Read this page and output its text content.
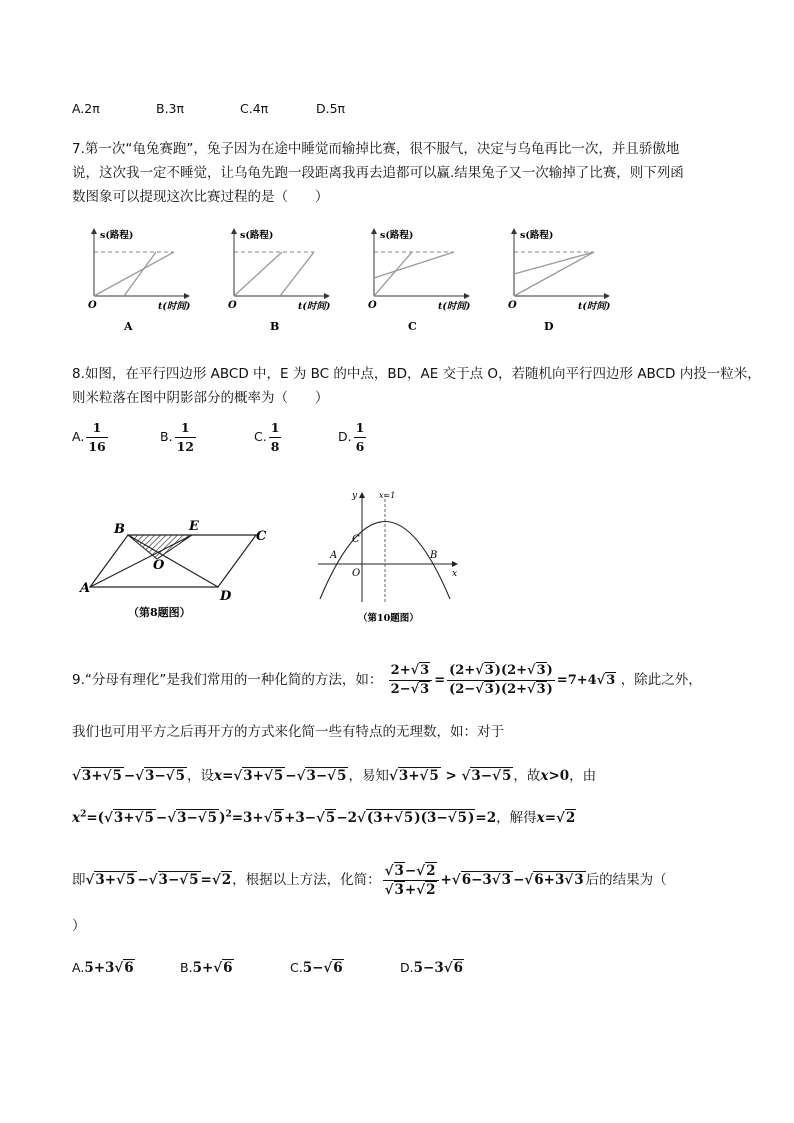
A.2π	B.3π	C.4π	D.5π
7.第一次“龟兔赛跑”，兔子因为在途中睡觉而输掉比赛，很不服气，决定与乌龟再比一次，并且骄傲地
说，这次我一定不睡觉，让乌龟先跑一段距离我再去追都可以赢.结果兔子又一次输掉了比赛，则下列函
数图象可以提现这次比赛过程的是（　　）
s(路程)
t(时间)
O
A
s(路程)
t(时间)
O
B
s(路程)
t(时间)
O
C
s(路程)
t(时间)
O
D
8.如图，在平行四边形 ABCD 中，E 为 BC 的中点，BD，AE 交于点 O，若随机向平行四边形 ABCD 内投一粒米，
则米粒落在图中阴影部分的概率为（　　）
A. $\frac{1}{16}$	B. $\frac{1}{12}$	C. $\frac{1}{8}$	D. $\frac{1}{6}$
B	E
C
O
A
D
（第8题图）
y
x
x=1
C
A	B
O
（第10题图）
9.“分母有理化”是我们常用的一种化简的方法，如： $\frac{2+√3}{2-√3} = \frac{(2+√3)(2+√3)}{(2-√3)(2+√3)} =7+4√3$ ，除此之外，
我们也可用平方之后再开方的方式来化简一些有特点的无理数，如：对于
√3+√5 −√3−√5 ，设x=√3+√5 −√3−√5 ，易知√3+√5 > √3−√5 ，故x>0，由
$x^2=(√3+√5 -√3-√5$ )$^2$=3+√5+3−√5−2√(3+√5)(3−√5)=2，解得x=√2
即√3+√5 −√3−√5 =√2，根据以上方法，化简： $\frac{√3-√2}{√3+√2} +√6-3√3 -√6+3√3$ 后的结果为（
）
A.5+3√6	B.5+√6	C.5−√6	D.5−3√6
